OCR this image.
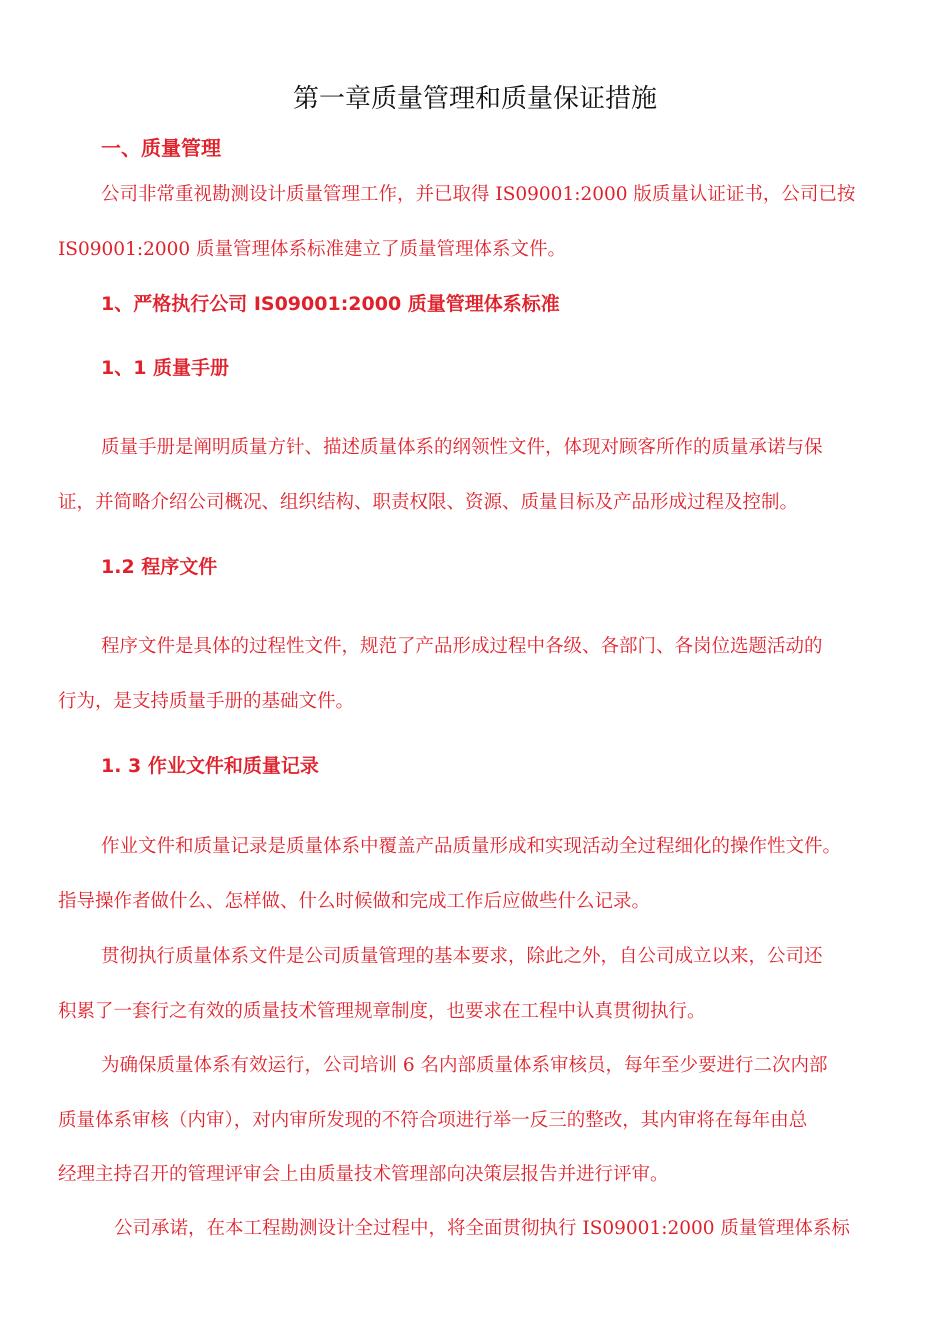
第一章质量管理和质量保证措施
一、质量管理
公司非常重视勘测设计质量管理工作，并已取得 IS09001:2000 版质量认证证书，公司已按
IS09001:2000 质量管理体系标准建立了质量管理体系文件。
1、严格执行公司 IS09001:2000 质量管理体系标准
1、1 质量手册
质量手册是阐明质量方针、描述质量体系的纲领性文件，体现对顾客所作的质量承诺与保
证，并简略介绍公司概况、组织结构、职责权限、资源、质量目标及产品形成过程及控制。
1.2 程序文件
程序文件是具体的过程性文件，规范了产品形成过程中各级、各部门、各岗位选题活动的
行为，是支持质量手册的基础文件。
1. 3 作业文件和质量记录
作业文件和质量记录是质量体系中覆盖产品质量形成和实现活动全过程细化的操作性文件。
指导操作者做什么、怎样做、什么时候做和完成工作后应做些什么记录。
贯彻执行质量体系文件是公司质量管理的基本要求，除此之外，自公司成立以来，公司还
积累了一套行之有效的质量技术管理规章制度，也要求在工程中认真贯彻执行。
为确保质量体系有效运行，公司培训 6 名内部质量体系审核员，每年至少要进行二次内部
质量体系审核（内审），对内审所发现的不符合项进行举一反三的整改，其内审将在每年由总
经理主持召开的管理评审会上由质量技术管理部向决策层报告并进行评审。
公司承诺，在本工程勘测设计全过程中，将全面贯彻执行 IS09001:2000 质量管理体系标
